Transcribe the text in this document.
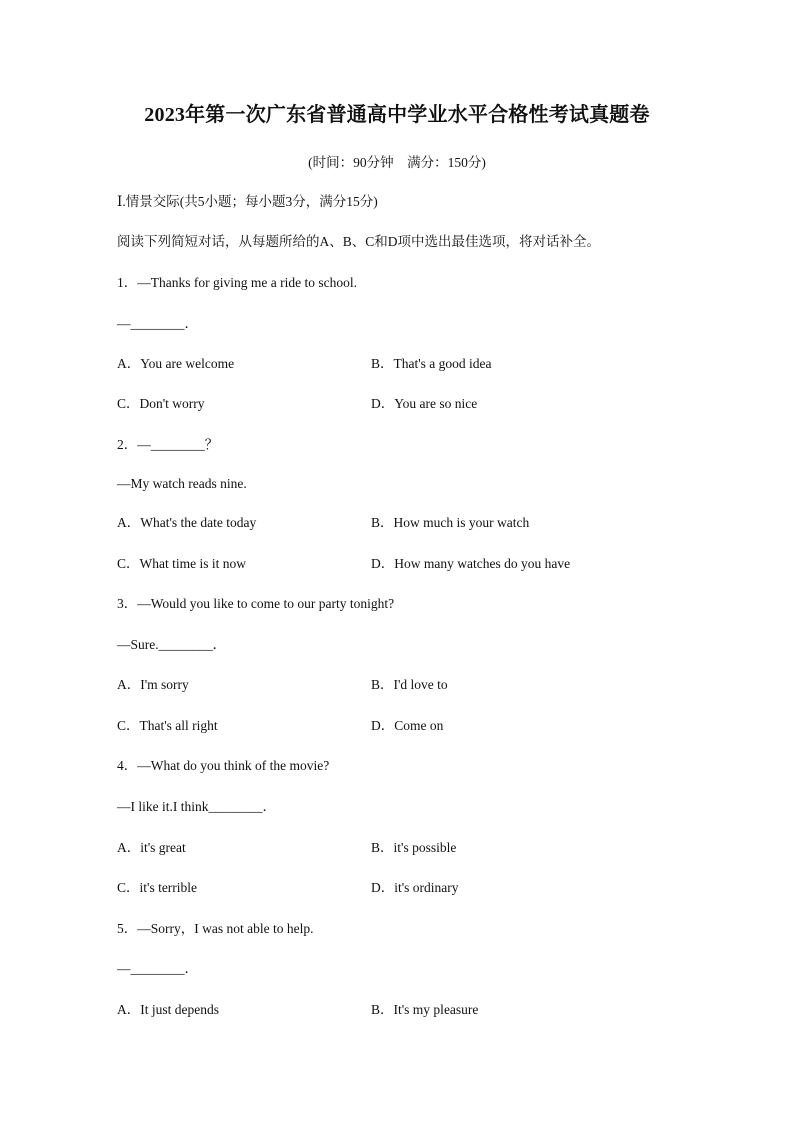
2023年第一次广东省普通高中学业水平合格性考试真题卷
(时间：90分钟　满分：150分)
Ⅰ.情景交际(共5小题；每小题3分，满分15分)
阅读下列简短对话，从每题所给的A、B、C和D项中选出最佳选项，将对话补全。
1．—Thanks for giving me a ride to school.
—________．
A．You are welcome	B．That's a good idea
C．Don't worry	D．You are so nice
2．—________？
—My watch reads nine.
A．What's the date today	B．How much is your watch
C．What time is it now	D．How many watches do you have
3．—Would you like to come to our party tonight?
—Sure.________．
A．I'm sorry	B．I'd love to
C．That's all right	D．Come on
4．—What do you think of the movie?
—I like it.I think________．
A．it's great	B．it's possible
C．it's terrible	D．it's ordinary
5．—Sorry，I was not able to help.
—________．
A．It just depends	B．It's my pleasure
